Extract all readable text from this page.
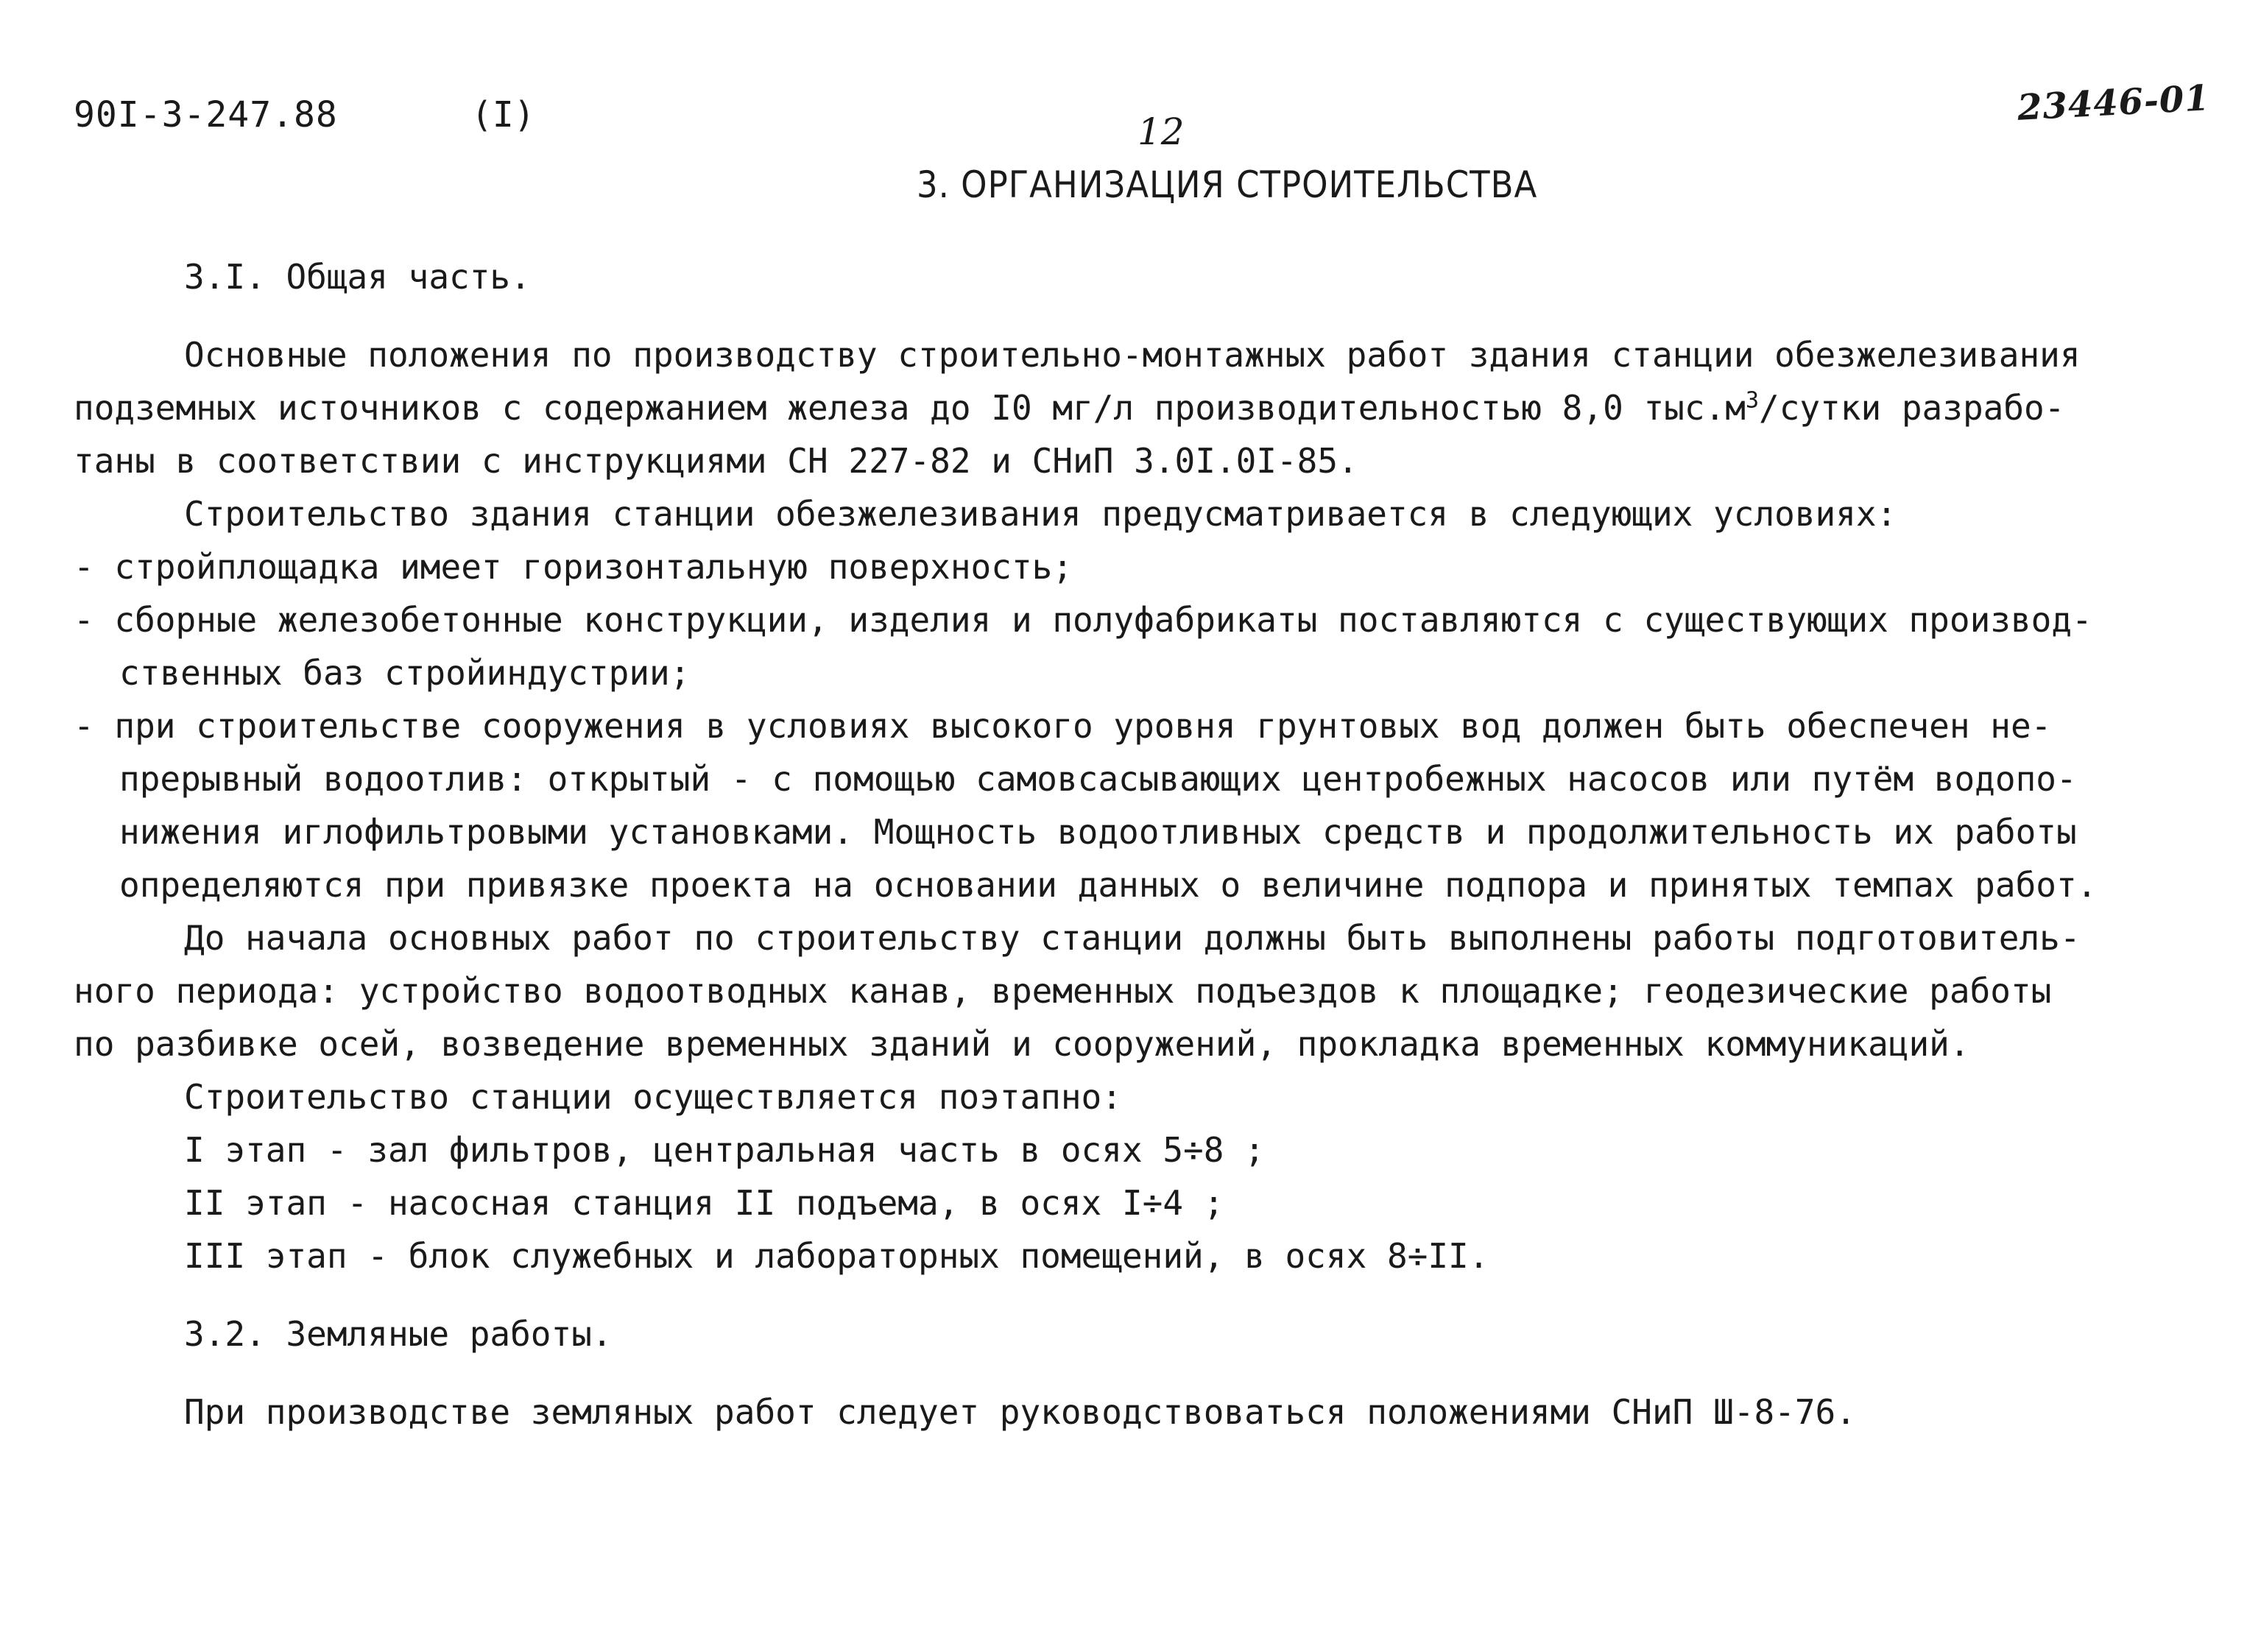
90I-3-247.88	(I)	12
23446-01
3. ОРГАНИЗАЦИЯ СТРОИТЕЛЬСТВА
3.I. Общая часть.
Основные положения по производству строительно-монтажных работ здания станции обезжелезивания
подземных источников с содержанием железа до I0 мг/л производительностью 8,0 $тыс.м^3$/сутки разрабо-
таны в соответствии с инструкциями СН 227-82 и СНиП 3.0I.0I-85.
Строительство здания станции обезжелезивания предусматривается в следующих условиях:
- стройплощадка имеет горизонтальную поверхность;
- сборные железобетонные конструкции, изделия и полуфабрикаты поставляются с существующих производ-
ственных баз стройиндустрии;
- при строительстве сооружения в условиях высокого уровня грунтовых вод должен быть обеспечен не-
прерывный водоотлив: открытый - с помощью самовсасывающих центробежных насосов или путём водопо-
нижения иглофильтровыми установками. Мощность водоотливных средств и продолжительность их работы
определяются при привязке проекта на основании данных о величине подпора и принятых темпах работ.
До начала основных работ по строительству станции должны быть выполнены работы подготовитель-
ного периода: устройство водоотводных канав, временных подъездов к площадке; геодезические работы
по разбивке осей, возведение временных зданий и сооружений, прокладка временных коммуникаций.
Строительство станции осуществляется поэтапно:
I этап - зал фильтров, центральная часть в осях 5÷8 ;
II этап - насосная станция II подъема, в осях I÷4 ;
III этап - блок служебных и лабораторных помещений, в осях 8÷II.
3.2. Земляные работы.
При производстве земляных работ следует руководствоваться положениями СНиП Ш-8-76.
